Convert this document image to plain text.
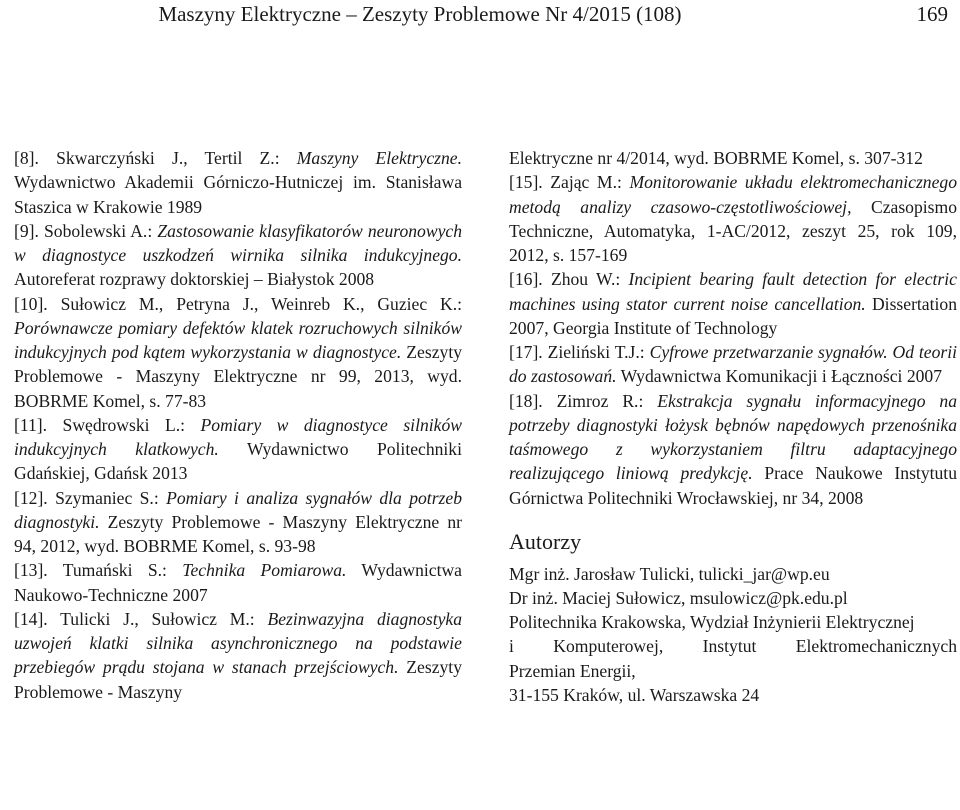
Maszyny Elektryczne – Zeszyty Problemowe Nr 4/2015 (108)	169

[8]. Skwarczyński J., Tertil Z.: Maszyny Elektryczne. Wydawnictwo Akademii Górniczo-Hutniczej im. Stanisława Staszica w Krakowie 1989

[9]. Sobolewski A.: Zastosowanie klasyfikatorów neuronowych w diagnostyce uszkodzeń wirnika silnika indukcyjnego. Autoreferat rozprawy doktorskiej – Białystok 2008

[10]. Sułowicz M., Petryna J., Weinreb K., Guziec K.: Porównawcze pomiary defektów klatek rozruchowych silników indukcyjnych pod kątem wykorzystania w diagnostyce. Zeszyty Problemowe - Maszyny Elektryczne nr 99, 2013, wyd. BOBRME Komel, s. 77-83

[11]. Swędrowski L.: Pomiary w diagnostyce silników indukcyjnych klatkowych. Wydawnictwo Politechniki Gdańskiej, Gdańsk 2013

[12]. Szymaniec S.: Pomiary i analiza sygnałów dla potrzeb diagnostyki. Zeszyty Problemowe - Maszyny Elektryczne nr 94, 2012, wyd. BOBRME Komel, s. 93-98

[13]. Tumański S.: Technika Pomiarowa. Wydawnictwa Naukowo-Techniczne 2007

[14]. Tulicki J., Sułowicz M.: Bezinwazyjna diagnostyka uzwojeń klatki silnika asynchronicznego na podstawie przebiegów prądu stojana w stanach przejściowych. Zeszyty Problemowe - Maszyny

Elektryczne nr 4/2014, wyd. BOBRME Komel, s. 307-312

[15]. Zając M.: Monitorowanie układu elektromechanicznego metodą analizy czasowo-częstotliwościowej, Czasopismo Techniczne, Automatyka, 1-AC/2012, zeszyt 25, rok 109, 2012, s. 157-169

[16]. Zhou W.: Incipient bearing fault detection for electric machines using stator current noise cancellation. Dissertation 2007, Georgia Institute of Technology

[17]. Zieliński T.J.: Cyfrowe przetwarzanie sygnałów. Od teorii do zastosowań. Wydawnictwa Komunikacji i Łączności 2007

[18]. Zimroz R.: Ekstrakcja sygnału informacyjnego na potrzeby diagnostyki łożysk bębnów napędowych przenośnika taśmowego z wykorzystaniem filtru adaptacyjnego realizującego liniową predykcję. Prace Naukowe Instytutu Górnictwa Politechniki Wrocławskiej, nr 34, 2008

Autorzy

Mgr inż. Jarosław Tulicki, tulicki_jar@wp.eu

Dr inż. Maciej Sułowicz, msulowicz@pk.edu.pl

Politechnika Krakowska, Wydział Inżynierii Elektrycznej

i Komputerowej, Instytut Elektromechanicznych

Przemian Energii,

31-155 Kraków, ul. Warszawska 24
